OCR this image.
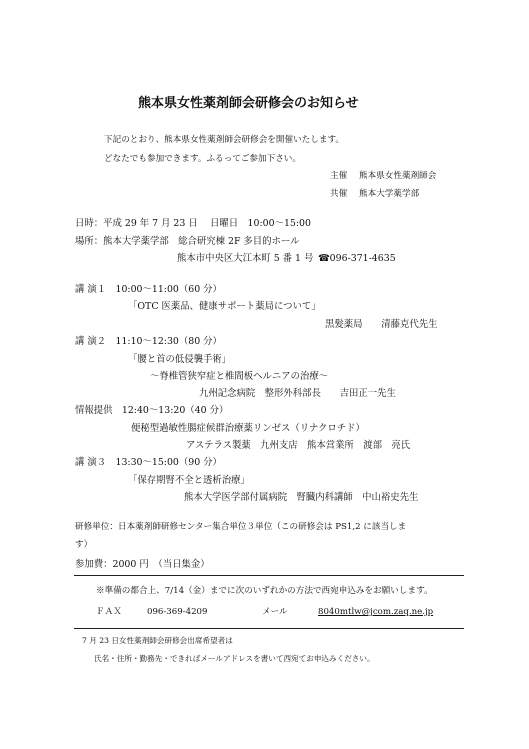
熊本県女性薬剤師会研修会のお知らせ
下記のとおり、熊本県女性薬剤師会研修会を開催いたします。
どなたでも参加できます。ふるってご参加下さい。
主催 熊本県女性薬剤師会
共催 熊本大学薬学部
日時：平成 29 年 7 月 23 日　 日曜日　10:00～15:00
場所：熊本大学薬学部　総合研究棟 2F 多目的ホール
熊本市中央区大江本町 5 番 1 号 ☎096-371-4635
講 演１　10:00～11:00（60 分）
「OTC 医薬品、健康サポート薬局について」
黒髪薬局　　清藤克代先生
講 演２　11:10～12:30（80 分）
「腰と首の低侵襲手術」
～脊椎管狭窄症と椎間板ヘルニアの治療～
九州記念病院　整形外科部長　　吉田正一先生
情報提供　12:40～13:20（40 分）
便秘型過敏性腸症候群治療薬リンゼス（リナクロチド）
アステラス製薬　九州支店　熊本営業所　渡部　亮氏
講 演３　13:30～15:00（90 分）
「保存期腎不全と透析治療」
熊本大学医学部付属病院　腎臓内科講師　中山裕史先生
研修単位：日本薬剤師研修センター集合単位３単位（この研修会は PS1,2 に該当しま
す）
参加費：2000 円　（当日集金）
※準備の都合上、7/14（金）までに次のいずれかの方法で西宛申込みをお願いします。
ＦＡＸ	096-369-4209	メール	8040mtlw@jcom.zaq.ne.jp
7 月 23 日女性薬剤師会研修会出席希望者は
氏名・住所・勤務先・できればメールアドレスを書いて西宛てお申込みください。
